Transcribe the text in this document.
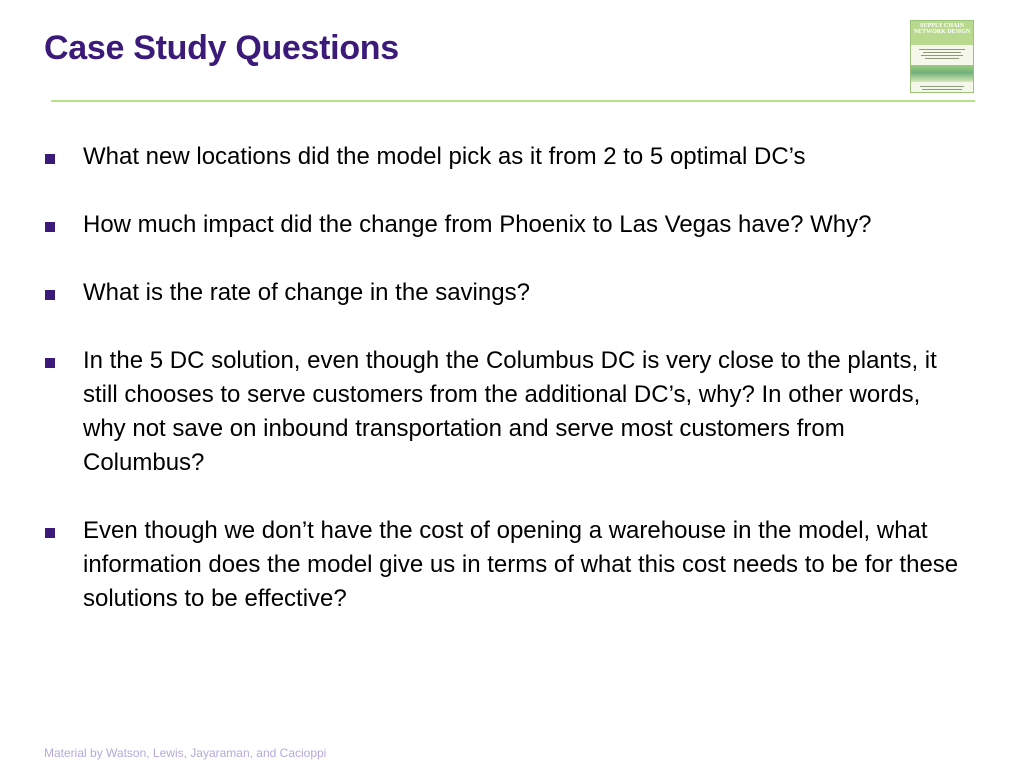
Case Study Questions
SUPPLY CHAIN NETWORK DESIGN
What new locations did the model pick as it from 2 to 5 optimal DC’s
How much impact did the change from Phoenix to Las Vegas have? Why?
What is the rate of change in the savings?
In the 5 DC solution, even though the Columbus DC is very close to the plants, it still chooses to serve customers from the additional DC’s, why? In other words, why not save on inbound transportation and serve most customers from Columbus?
Even though we don’t have the cost of opening a warehouse in the model, what information does the model give us in terms of what this cost needs to be for these solutions to be effective?
Material by Watson, Lewis, Jayaraman, and Cacioppi
